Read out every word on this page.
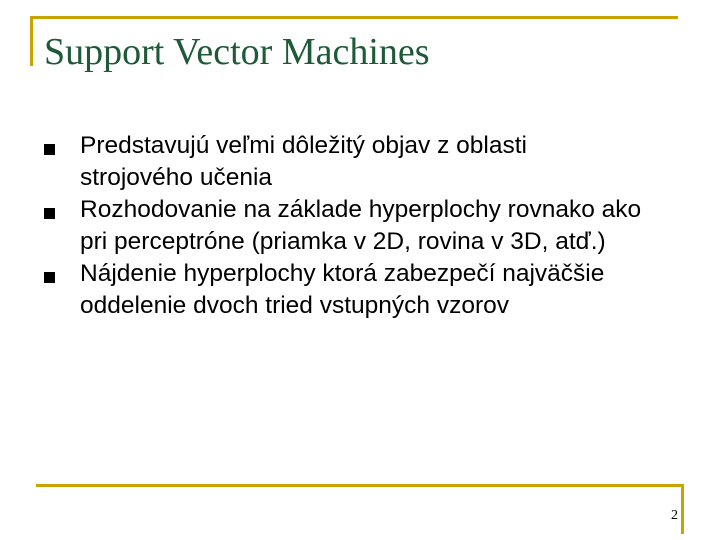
Support Vector Machines
Predstavujú veľmi dôležitý objav z oblasti strojového učenia
Rozhodovanie na základe hyperplochy rovnako ako pri perceptróne (priamka v 2D, rovina v 3D, atď.)
Nájdenie hyperplochy ktorá zabezpečí najväčšie oddelenie dvoch tried vstupných vzorov
2
